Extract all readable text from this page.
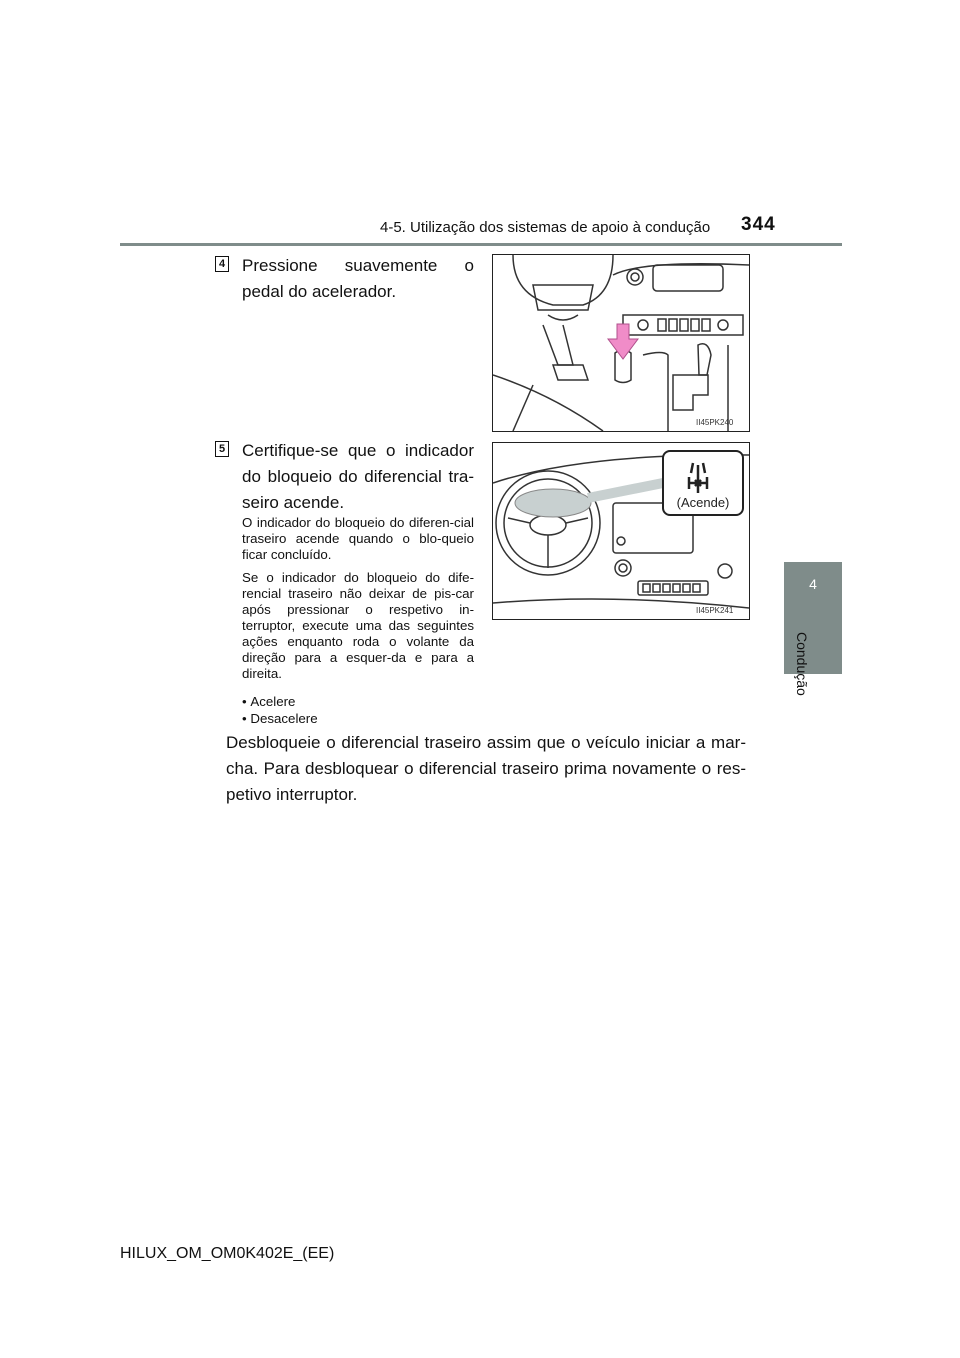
4-5. Utilização dos sistemas de apoio à condução 344
4
Condução
4 Pressione suavemente o pedal do acelerador.
II45PK240
5 Certifique-se que o indicador do bloqueio do diferencial tra-seiro acende.
O indicador do bloqueio do diferen-cial traseiro acende quando o blo-queio ficar concluído.
Se o indicador do bloqueio do dife-rencial traseiro não deixar de pis-car após pressionar o respetivo in-terruptor, execute uma das seguintes ações enquanto roda o volante da direção para a esquer-da e para a direita.
• Acelere
• Desacelere
(Acende)
II45PK241
Desbloqueie o diferencial traseiro assim que o veículo iniciar a mar-cha. Para desbloquear o diferencial traseiro prima novamente o res-petivo interruptor.
HILUX_OM_OM0K402E_(EE)
